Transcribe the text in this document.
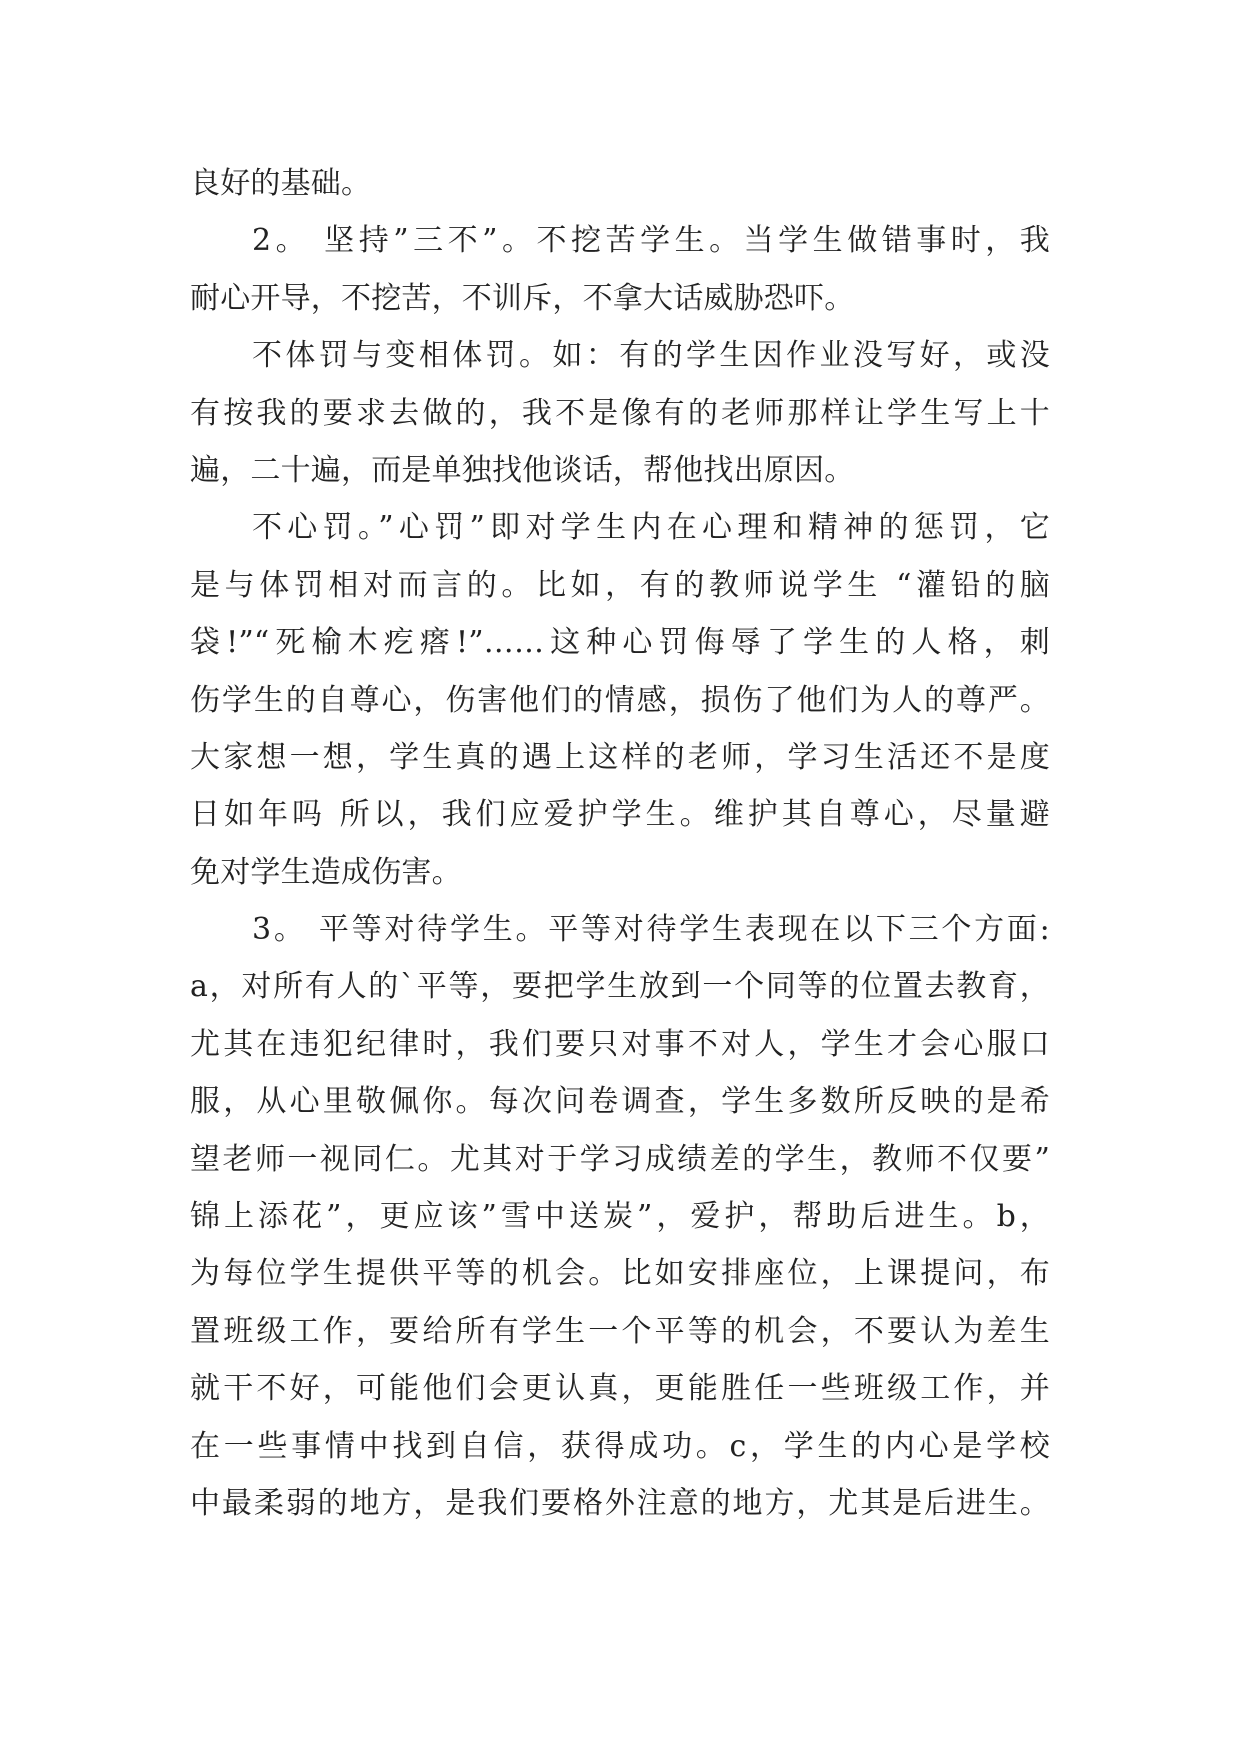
良好的基础。
2。 坚持”三不”。不挖苦学生。当学生做错事时，我
耐心开导，不挖苦，不训斥，不拿大话威胁恐吓。
不体罚与变相体罚。如：有的学生因作业没写好，或没
有按我的要求去做的，我不是像有的老师那样让学生写上十
遍，二十遍，而是单独找他谈话，帮他找出原因。
不心罚。”心罚”即对学生内在心理和精神的惩罚，它
是与体罚相对而言的。比如，有的教师说学生 “灌铅的脑
袋!”“死榆木疙瘩!”……这种心罚侮辱了学生的人格，刺
伤学生的自尊心，伤害他们的情感，损伤了他们为人的尊严。
大家想一想，学生真的遇上这样的老师，学习生活还不是度
日如年吗 所以，我们应爱护学生。维护其自尊心，尽量避
免对学生造成伤害。
3。 平等对待学生。平等对待学生表现在以下三个方面:
a，对所有人的`平等，要把学生放到一个同等的位置去教育，
尤其在违犯纪律时，我们要只对事不对人，学生才会心服口
服，从心里敬佩你。每次问卷调查，学生多数所反映的是希
望老师一视同仁。尤其对于学习成绩差的学生，教师不仅要”
锦上添花”，更应该”雪中送炭”，爱护，帮助后进生。b，
为每位学生提供平等的机会。比如安排座位，上课提问，布
置班级工作，要给所有学生一个平等的机会，不要认为差生
就干不好，可能他们会更认真，更能胜任一些班级工作，并
在一些事情中找到自信，获得成功。c，学生的内心是学校
中最柔弱的地方，是我们要格外注意的地方，尤其是后进生。
